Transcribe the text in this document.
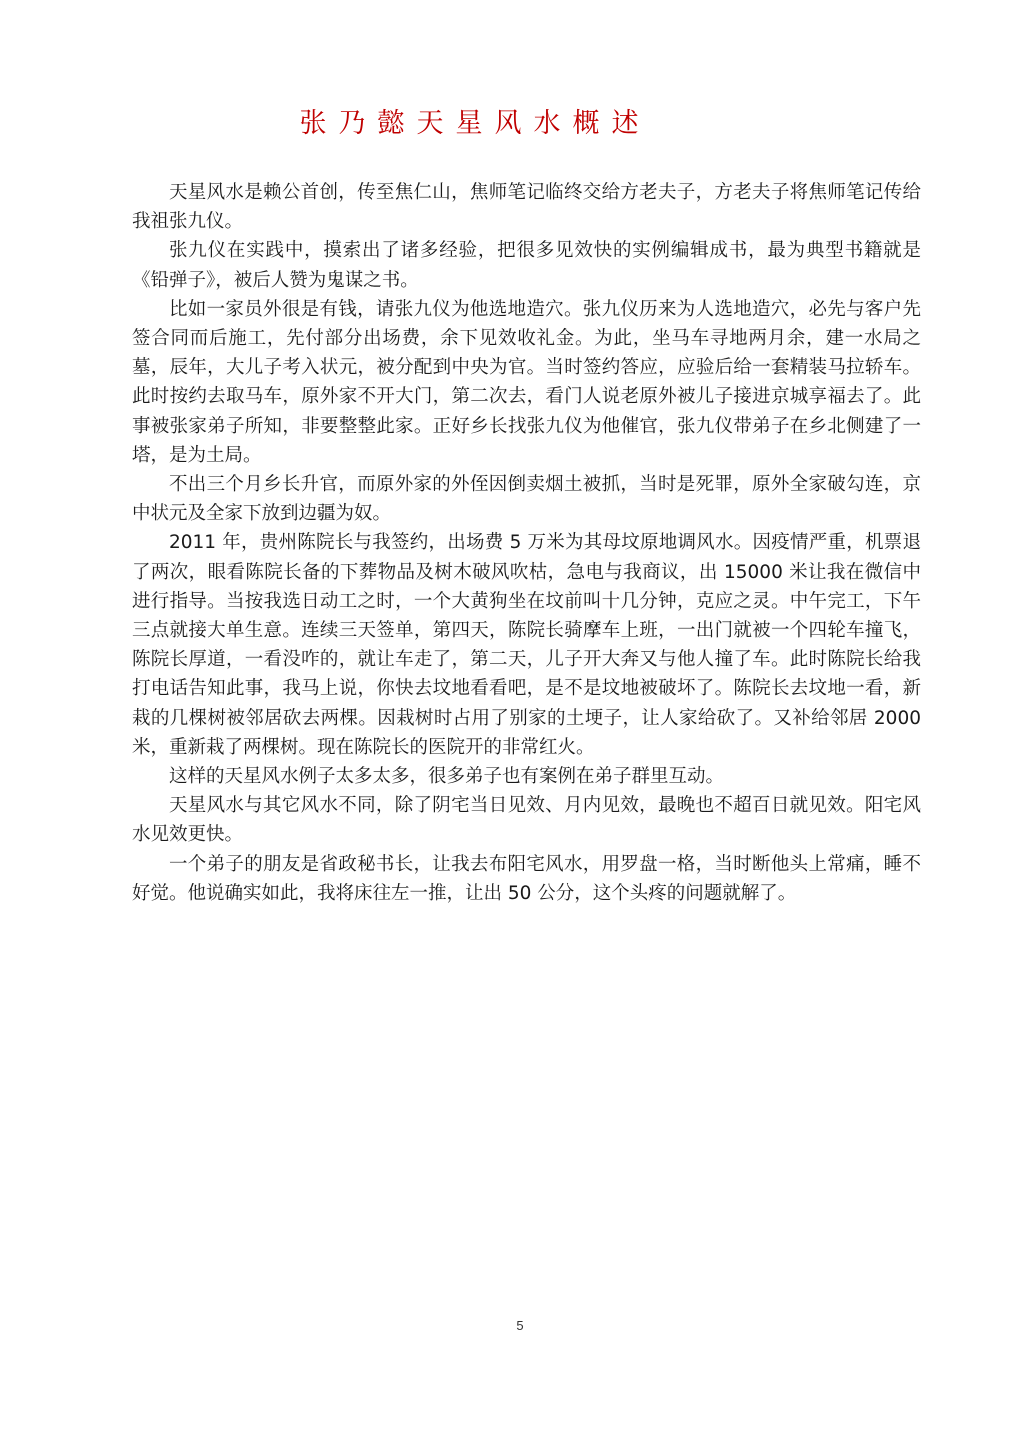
张乃懿天星风水概述

天星风水是赖公首创，传至焦仁山，焦师笔记临终交给方老夫子，方老夫子将焦师笔记传给我祖张九仪。

张九仪在实践中，摸索出了诸多经验，把很多见效快的实例编辑成书，最为典型书籍就是《铅弹子》，被后人赞为鬼谋之书。

比如一家员外很是有钱，请张九仪为他选地造穴。张九仪历来为人选地造穴，必先与客户先签合同而后施工，先付部分出场费，余下见效收礼金。为此，坐马车寻地两月余，建一水局之墓，辰年，大儿子考入状元，被分配到中央为官。当时签约答应，应验后给一套精装马拉轿车。此时按约去取马车，原外家不开大门，第二次去，看门人说老原外被儿子接进京城享福去了。此事被张家弟子所知，非要整整此家。正好乡长找张九仪为他催官，张九仪带弟子在乡北侧建了一塔，是为土局。

不出三个月乡长升官，而原外家的外侄因倒卖烟土被抓，当时是死罪，原外全家破勾连，京中状元及全家下放到边疆为奴。

2011 年，贵州陈院长与我签约，出场费 5 万米为其母坟原地调风水。因疫情严重，机票退了两次，眼看陈院长备的下葬物品及树木破风吹枯，急电与我商议，出 15000 米让我在微信中进行指导。当按我选日动工之时，一个大黄狗坐在坟前叫十几分钟，克应之灵。中午完工，下午三点就接大单生意。连续三天签单，第四天，陈院长骑摩车上班，一出门就被一个四轮车撞飞，陈院长厚道，一看没咋的，就让车走了，第二天，儿子开大奔又与他人撞了车。此时陈院长给我打电话告知此事，我马上说，你快去坟地看看吧，是不是坟地被破坏了。陈院长去坟地一看，新栽的几棵树被邻居砍去两棵。因栽树时占用了别家的土埂子，让人家给砍了。又补给邻居 2000 米，重新栽了两棵树。现在陈院长的医院开的非常红火。

这样的天星风水例子太多太多，很多弟子也有案例在弟子群里互动。

天星风水与其它风水不同，除了阴宅当日见效、月内见效，最晚也不超百日就见效。阳宅风水见效更快。

一个弟子的朋友是省政秘书长，让我去布阳宅风水，用罗盘一格，当时断他头上常痛，睡不好觉。他说确实如此，我将床往左一推，让出 50 公分，这个头疼的问题就解了。

5
